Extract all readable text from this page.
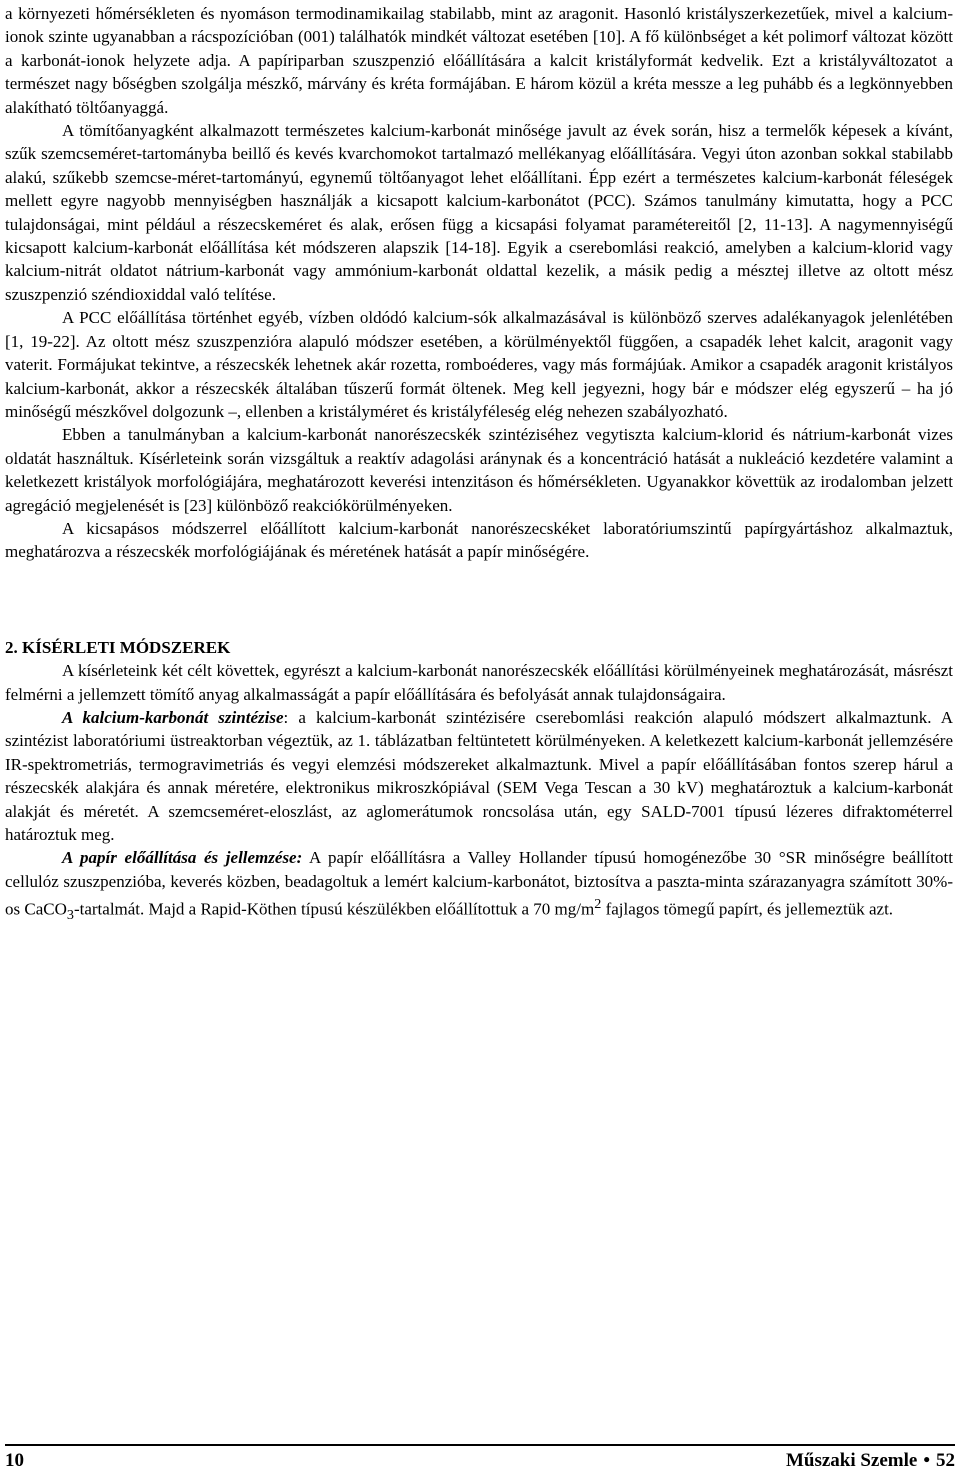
a környezeti hőmérsékleten és nyomáson termodinamikailag stabilabb, mint az aragonit. Hasonló kristályszerkezetűek, mivel a kalcium-ionok szinte ugyanabban a rácspozícióban (001) találhatók mindkét változat esetében [10]. A fő különbséget a két polimorf változat között a karbonát-ionok helyzete adja. A papíriparban szuszpenzió előállítására a kalcit kristályformát kedvelik. Ezt a kristályváltozatot a természet nagy bőségben szolgálja mészkő, márvány és kréta formájában. E három közül a kréta messze a leg puhább és a legkönnyebben alakítható töltőanyaggá.

A tömítőanyagként alkalmazott természetes kalcium-karbonát minősége javult az évek során, hisz a termelők képesek a kívánt, szűk szemcseméret-tartományba beillő és kevés kvarchomokot tartalmazó mellékanyag előállítására. Vegyi úton azonban sokkal stabilabb alakú, szűkebb szemcse-méret-tartományú, egynemű töltőanyagot lehet előállítani. Épp ezért a természetes kalcium-karbonát féleségek mellett egyre nagyobb mennyiségben használják a kicsapott kalcium-karbonátot (PCC). Számos tanulmány kimutatta, hogy a PCC tulajdonságai, mint például a részecskeméret és alak, erősen függ a kicsapási folyamat paramétereitől [2, 11-13]. A nagymennyiségű kicsapott kalcium-karbonát előállítása két módszeren alapszik [14-18]. Egyik a cserebomlási reakció, amelyben a kalcium-klorid vagy kalcium-nitrát oldatot nátrium-karbonát vagy ammónium-karbonát oldattal kezelik, a másik pedig a mésztej illetve az oltott mész szuszpenzió széndioxiddal való telítése.

A PCC előállítása történhet egyéb, vízben oldódó kalcium-sók alkalmazásával is különböző szerves adalékanyagok jelenlétében [1, 19-22]. Az oltott mész szuszpenzióra alapuló módszer esetében, a körülményektől függően, a csapadék lehet kalcit, aragonit vagy vaterit. Formájukat tekintve, a részecskék lehetnek akár rozetta, romboéderes, vagy más formájúak. Amikor a csapadék aragonit kristályos kalcium-karbonát, akkor a részecskék általában tűszerű formát öltenek. Meg kell jegyezni, hogy bár e módszer elég egyszerű – ha jó minőségű mészkővel dolgozunk –, ellenben a kristályméret és kristályféleség elég nehezen szabályozható.

Ebben a tanulmányban a kalcium-karbonát nanorészecskék szintéziséhez vegytiszta kalcium-klorid és nátrium-karbonát vizes oldatát használtuk. Kísérleteink során vizsgáltuk a reaktív adagolási aránynak és a koncentráció hatását a nukleáció kezdetére valamint a keletkezett kristályok morfológiájára, meghatározott keverési intenzitáson és hőmérsékleten. Ugyanakkor követtük az irodalomban jelzett agregáció megjelenését is [23] különböző reakciókörülményeken.

A kicsapásos módszerrel előállított kalcium-karbonát nanorészecskéket laboratóriumszintű papírgyártáshoz alkalmaztuk, meghatározva a részecskék morfológiájának és méretének hatását a papír minőségére.

2. KÍSÉRLETI MÓDSZEREK

A kísérleteink két célt követtek, egyrészt a kalcium-karbonát nanorészecskék előállítási körülményeinek meghatározását, másrészt felmérni a jellemzett tömítő anyag alkalmasságát a papír előállítására és befolyását annak tulajdonságaira.

A kalcium-karbonát szintézise: a kalcium-karbonát szintézisére cserebomlási reakción alapuló módszert alkalmaztunk. A szintézist laboratóriumi üstreaktorban végeztük, az 1. táblázatban feltüntetett körülményeken. A keletkezett kalcium-karbonát jellemzésére IR-spektrometriás, termogravimetriás és vegyi elemzési módszereket alkalmaztunk. Mivel a papír előállításában fontos szerep hárul a részecskék alakjára és annak méretére, elektronikus mikroszkópiával (SEM Vega Tescan a 30 kV) meghatároztuk a kalcium-karbonát alakját és méretét. A szemcseméret-eloszlást, az aglomerátumok roncsolása után, egy SALD-7001 típusú lézeres difraktométerrel határoztuk meg.

A papír előállítása és jellemzése: A papír előállításra a Valley Hollander típusú homogénezőbe 30 °SR minőségre beállított cellulóz szuszpenzióba, keverés közben, beadagoltuk a lemért kalcium-karbonátot, biztosítva a paszta-minta szárazanyagra számított 30%-os CaCO$_3$-tartalmát. Majd a Rapid-Köthen típusú készülékben előállítottuk a 70 $mg/m^2$ fajlagos tömegű papírt, és jellemeztük azt.

10	Műszaki Szemle • 52
